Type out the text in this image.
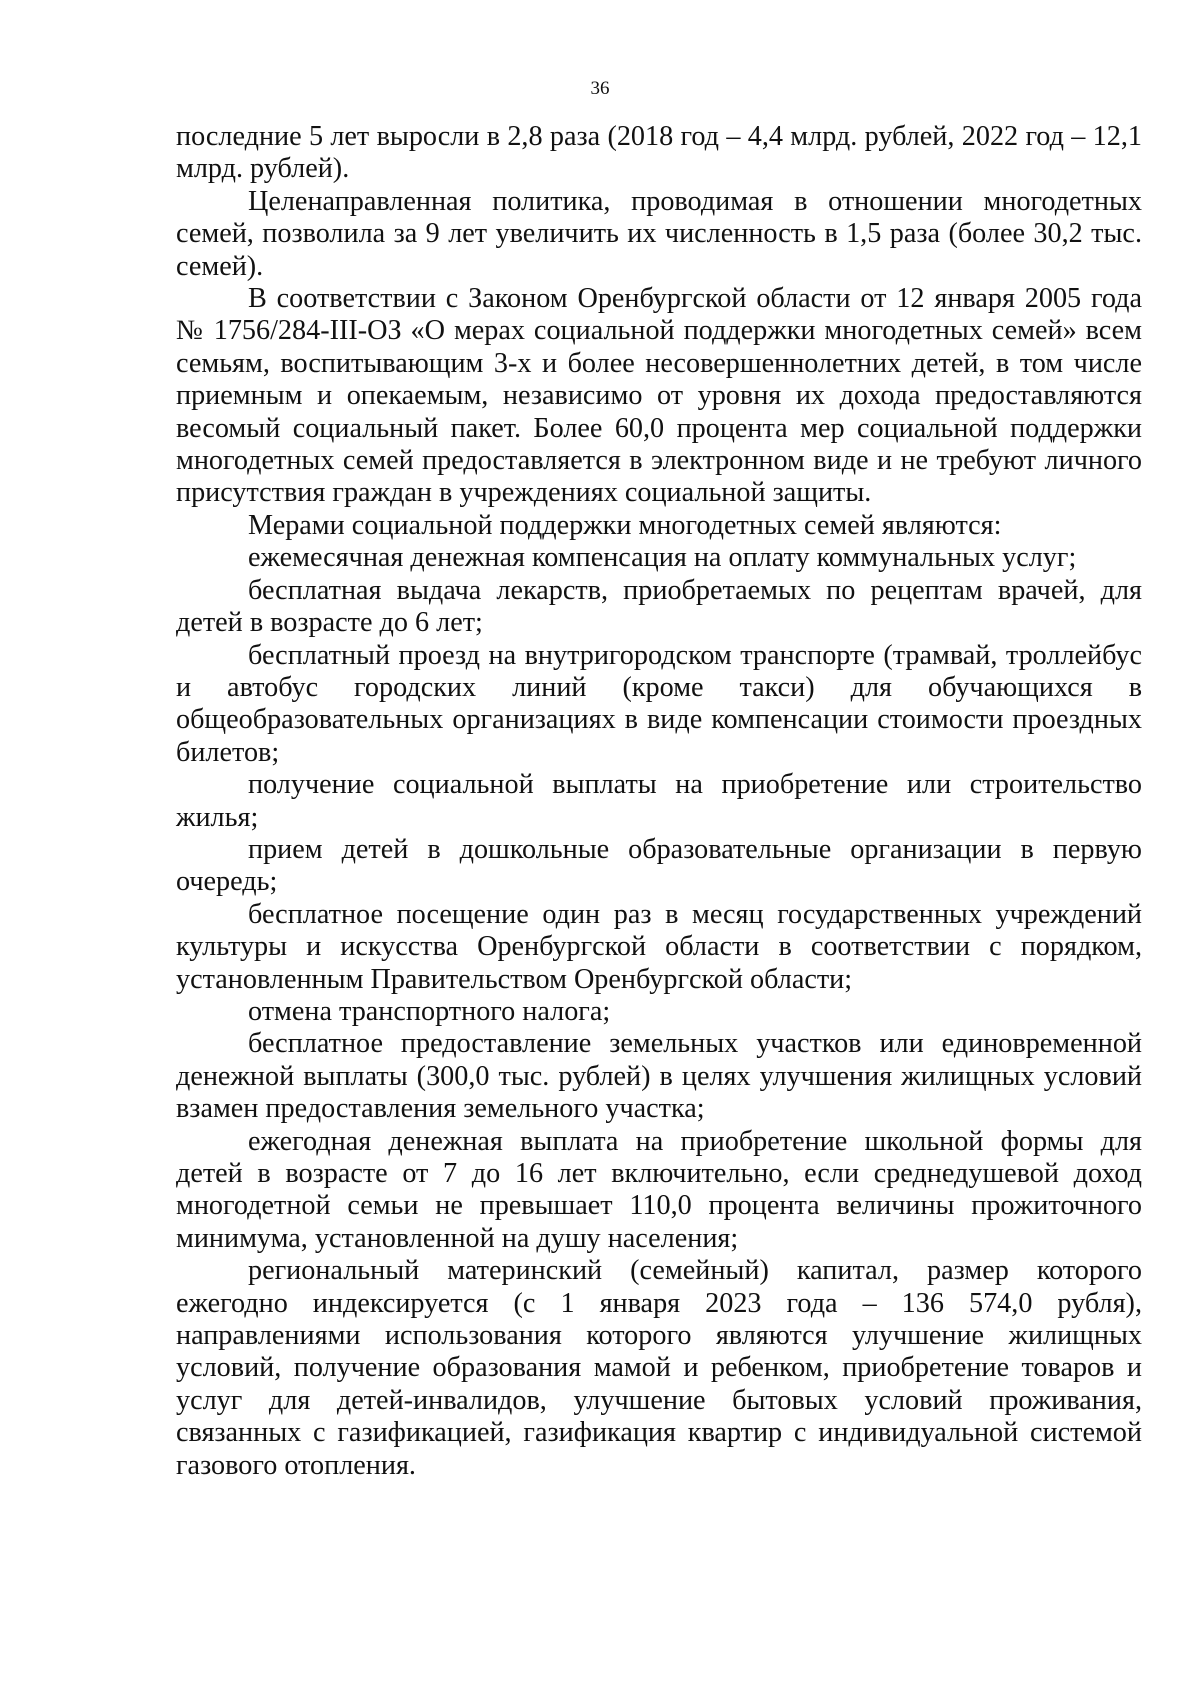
36

последние 5 лет выросли в 2,8 раза (2018 год – 4,4 млрд. рублей, 2022 год – 12,1 млрд. рублей).

Целенаправленная политика, проводимая в отношении многодетных семей, позволила за 9 лет увеличить их численность в 1,5 раза (более 30,2 тыс. семей).

В соответствии с Законом Оренбургской области от 12 января 2005 года № 1756/284-III-ОЗ «О мерах социальной поддержки многодетных семей» всем семьям, воспитывающим 3-х и более несовершеннолетних детей, в том числе приемным и опекаемым, независимо от уровня их дохода предоставляются весомый социальный пакет. Более 60,0 процента мер социальной поддержки многодетных семей предоставляется в электронном виде и не требуют личного присутствия граждан в учреждениях социальной защиты.

Мерами социальной поддержки многодетных семей являются:

ежемесячная денежная компенсация на оплату коммунальных услуг;

бесплатная выдача лекарств, приобретаемых по рецептам врачей, для детей в возрасте до 6 лет;

бесплатный проезд на внутригородском транспорте (трамвай, троллейбус и автобус городских линий (кроме такси) для обучающихся в общеобразовательных организациях в виде компенсации стоимости проездных билетов;

получение социальной выплаты на приобретение или строительство жилья;

прием детей в дошкольные образовательные организации в первую очередь;

бесплатное посещение один раз в месяц государственных учреждений культуры и искусства Оренбургской области в соответствии с порядком, установленным Правительством Оренбургской области;

отмена транспортного налога;

бесплатное предоставление земельных участков или единовременной денежной выплаты (300,0 тыс. рублей) в целях улучшения жилищных условий взамен предоставления земельного участка;

ежегодная денежная выплата на приобретение школьной формы для детей в возрасте от 7 до 16 лет включительно, если среднедушевой доход многодетной семьи не превышает 110,0 процента величины прожиточного минимума, установленной на душу населения;

региональный материнский (семейный) капитал, размер которого ежегодно индексируется (с 1 января 2023 года – 136 574,0 рубля), направлениями использования которого являются улучшение жилищных условий, получение образования мамой и ребенком, приобретение товаров и услуг для детей-инвалидов, улучшение бытовых условий проживания, связанных с газификацией, газификация квартир с индивидуальной системой газового отопления.
